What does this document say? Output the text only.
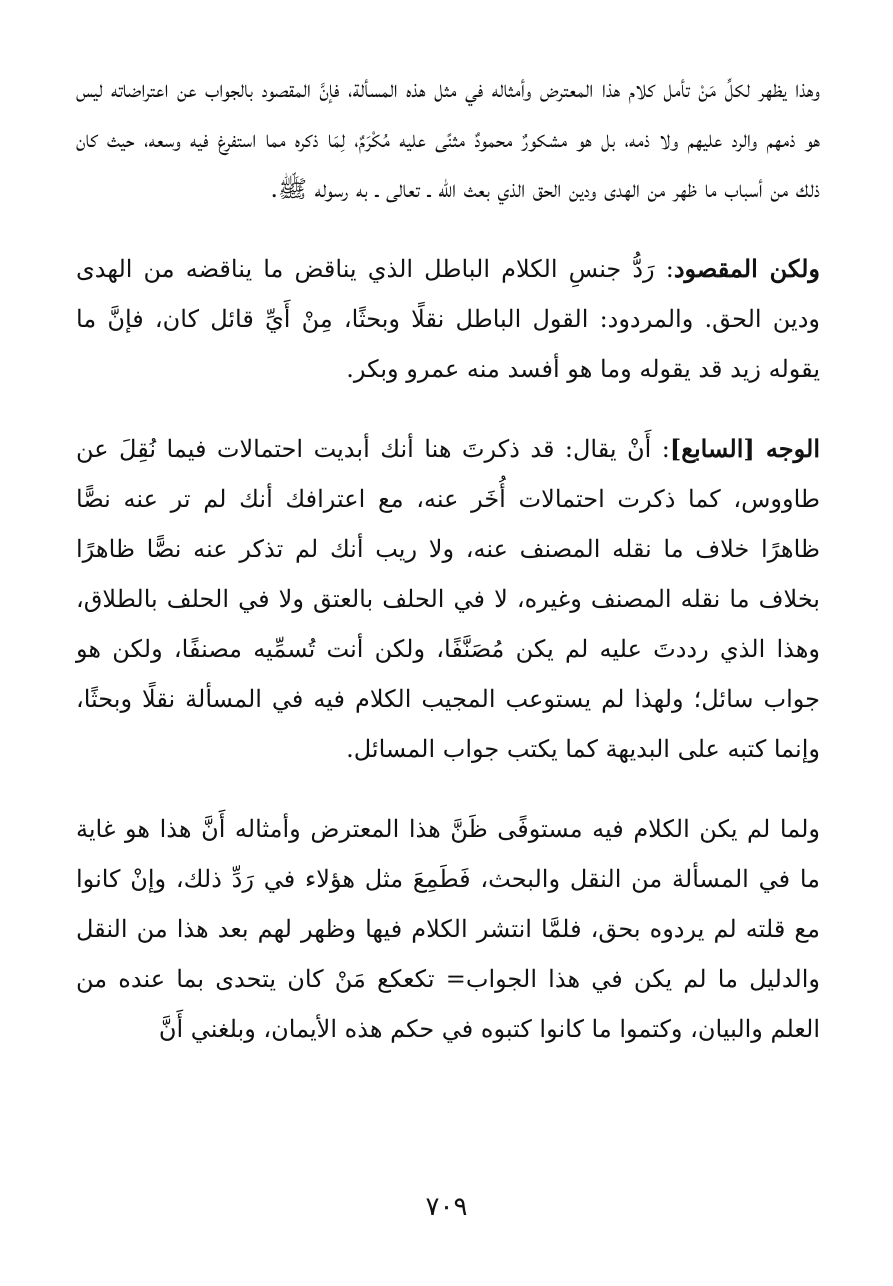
وهذا يظهر لكلِّ مَنْ تأمل كلام هذا المعترض وأمثاله في مثل هذه المسألة، فإنَّ المقصود بالجواب عن اعتراضاته ليس هو ذمهم والرد عليهم ولا ذمه، بل هو مشكورٌ محمودٌ مثنًى عليه مُكْرَمٌ، لِمَا ذكره مما استفرغ فيه وسعه، حيث كان ذلك من أسباب ما ظهر من الهدى ودين الحق الذي بعث الله ـ تعالى ـ به رسوله ﷺ.

ولكن المقصود: رَدُّ جنسِ الكلام الباطل الذي يناقض ما يناقضه من الهدى ودين الحق. والمردود: القول الباطل نقلًا وبحثًا، مِنْ أَيِّ قائل كان، فإنَّ ما يقوله زيد قد يقوله وما هو أفسد منه عمرو وبكر.

الوجه [السابع]: أَنْ يقال: قد ذكرتَ هنا أنك أبديت احتمالات فيما نُقِلَ عن طاووس، كما ذكرت احتمالات أُخَر عنه، مع اعترافك أنك لم تر عنه نصًّا ظاهرًا خلاف ما نقله المصنف عنه، ولا ريب أنك لم تذكر عنه نصًّا ظاهرًا بخلاف ما نقله المصنف وغيره، لا في الحلف بالعتق ولا في الحلف بالطلاق، وهذا الذي رددتَ عليه لم يكن مُصَنَّفًا، ولكن أنت تُسمِّيه مصنفًا، ولكن هو جواب سائل؛ ولهذا لم يستوعب المجيب الكلام فيه في المسألة نقلًا وبحثًا، وإنما كتبه على البديهة كما يكتب جواب المسائل.

ولما لم يكن الكلام فيه مستوفًى ظَنَّ هذا المعترض وأمثاله أَنَّ هذا هو غاية ما في المسألة من النقل والبحث، فَطَمِعَ مثل هؤلاء في رَدِّ ذلك، وإنْ كانوا مع قلته لم يردوه بحق، فلمَّا انتشر الكلام فيها وظهر لهم بعد هذا من النقل والدليل ما لم يكن في هذا الجواب= تكعكع مَنْ كان يتحدى بما عنده من العلم والبيان، وكتموا ما كانوا كتبوه في حكم هذه الأيمان، وبلغني أَنَّ

٧٠٩
